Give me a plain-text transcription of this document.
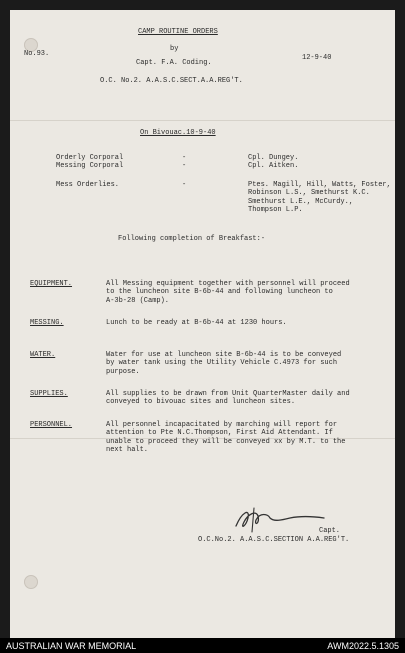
No.93.
CAMP ROUTINE ORDERS
by
Capt. F.A. Coding.
12-9-40
O.C. No.2. A.A.S.C.SECT.A.A.REG'T.
On Bivouac.10-9-40
Orderly Corporal	-	Cpl. Dungey.
Messing Corporal	-	Cpl. Aitken.
Mess Orderlies.	-	Ptes. Magill, Hill, Watts, Foster,
Robinson L.S., Smethurst K.C.
Smethurst L.E., McCurdy.,
Thompson L.P.
Following completion of Breakfast:-
EQUIPMENT.	All Messing equipment together with personnel will proceed
to the luncheon site B-6b-44 and following luncheon to
A-3b-28 (Camp).
MESSING.	Lunch to be ready at B-6b-44 at 1230 hours.
WATER.	Water for use at luncheon site B-6b-44 is to be conveyed
by water tank using the Utility Vehicle C.4973 for such
purpose.
SUPPLIES.	All supplies to be drawn from Unit QuarterMaster daily and
conveyed to bivouac sites and luncheon sites.
PERSONNEL.	All personnel incapacitated by marching will report for
attention to Pte N.C.Thompson, First Aid Attendant. If
unable to proceed they will be conveyed xx by M.T. to the
next halt.
Capt.
O.C.No.2. A.A.S.C.SECTION A.A.REG'T.
AUSTRALIAN WAR MEMORIAL	AWM2022.5.1305
